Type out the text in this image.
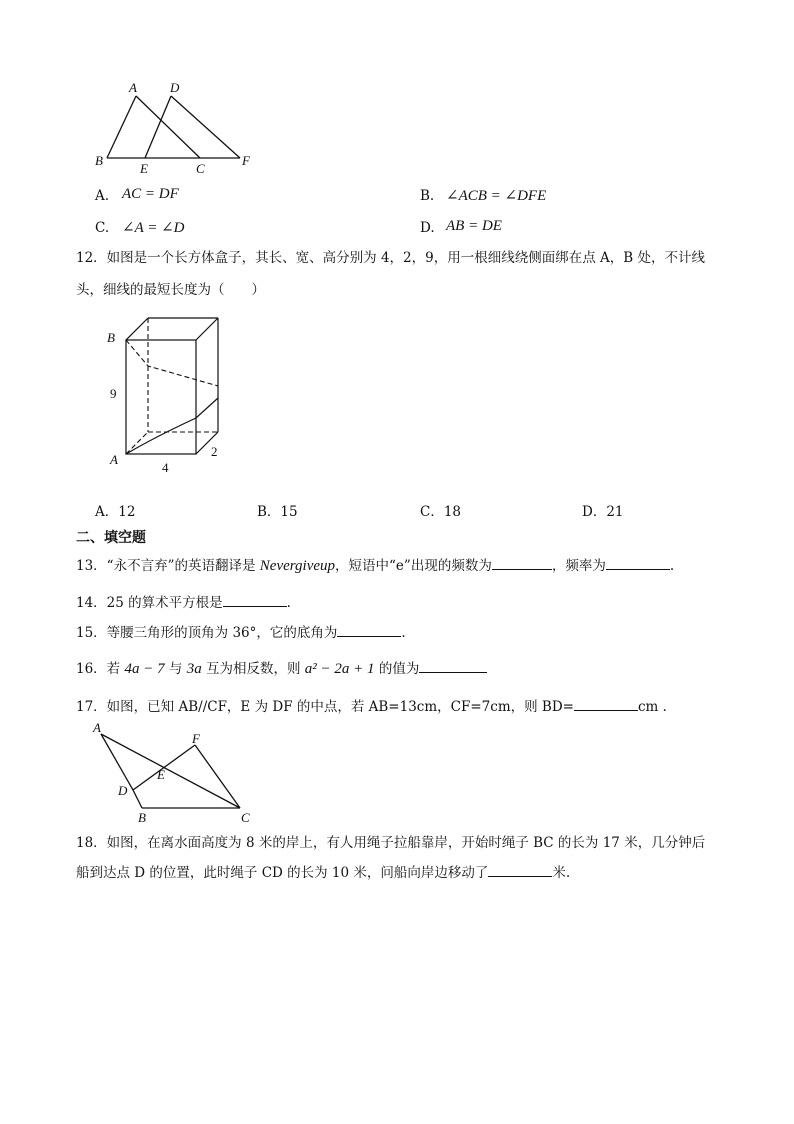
A	D
B
E	C
F
A. AC = DF	B. ∠ACB = ∠DFE
C. ∠A = ∠D	D. AB = DE
12．如图是一个长方体盒子，其长、宽、高分别为 4，2，9，用一根细线绕侧面绑在点 A，B 处，不计线
头，细线的最短长度为（　　）
B
A
9
4
2
A．12	B．15	C．18	D．21
二、填空题
13．“永不言弃”的英语翻译是 Nevergiveup，短语中“e”出现的频数为	，频率为	.
14．25 的算术平方根是	.
15．等腰三角形的顶角为 36°，它的底角为	.
16．若 4a − 7 与 3a 互为相反数，则 a² − 2a + 1 的值为
17．如图，已知 AB//CF，E 为 DF 的中点，若 AB=13cm，CF=7cm，则 BD=	cm .
A
F
E
D
B	C
18．如图，在离水面高度为 8 米的岸上，有人用绳子拉船靠岸，开始时绳子 BC 的长为 17 米，几分钟后
船到达点 D 的位置，此时绳子 CD 的长为 10 米，问船向岸边移动了	米.
